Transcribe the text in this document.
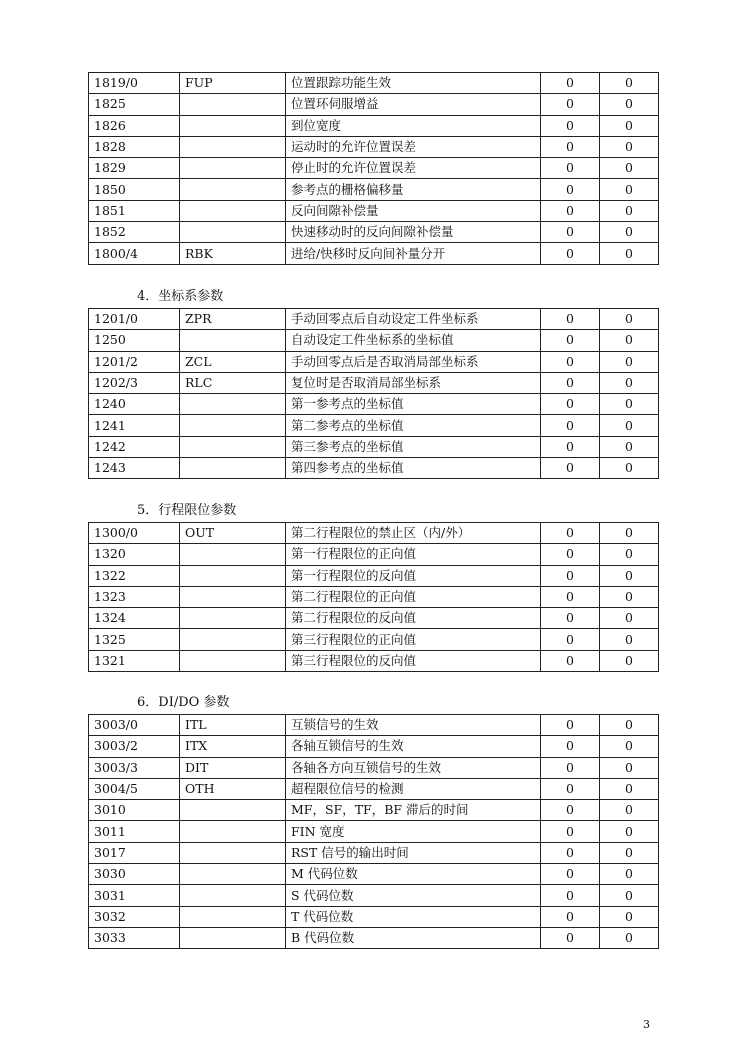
4．坐标系参数
5．行程限位参数
6．DI/DO 参数
1819/0	FUP	位置跟踪功能生效	0	0
1825		位置环伺服增益	0	0
1826		到位宽度	0	0
1828		运动时的允许位置误差	0	0
1829		停止时的允许位置误差	0	0
1850		参考点的栅格偏移量	0	0
1851		反向间隙补偿量	0	0
1852		快速移动时的反向间隙补偿量	0	0
1800/4	RBK	进给/快移时反向间补量分开	0	0
1201/0	ZPR	手动回零点后自动设定工件坐标系	0	0
1250		自动设定工件坐标系的坐标值	0	0
1201/2	ZCL	手动回零点后是否取消局部坐标系	0	0
1202/3	RLC	复位时是否取消局部坐标系	0	0
1240		第一参考点的坐标值	0	0
1241		第二参考点的坐标值	0	0
1242		第三参考点的坐标值	0	0
1243		第四参考点的坐标值	0	0
1300/0	OUT	第二行程限位的禁止区（内/外）	0	0
1320		第一行程限位的正向值	0	0
1322		第一行程限位的反向值	0	0
1323		第二行程限位的正向值	0	0
1324		第二行程限位的反向值	0	0
1325		第三行程限位的正向值	0	0
1321		第三行程限位的反向值	0	0
3003/0	ITL	互锁信号的生效	0	0
3003/2	ITX	各轴互锁信号的生效	0	0
3003/3	DIT	各轴各方向互锁信号的生效	0	0
3004/5	OTH	超程限位信号的检测	0	0
3010		MF，SF，TF，BF 滞后的时间	0	0
3011		FIN 宽度	0	0
3017		RST 信号的输出时间	0	0
3030		M 代码位数	0	0
3031		S 代码位数	0	0
3032		T 代码位数	0	0
3033		B 代码位数	0	0
3
